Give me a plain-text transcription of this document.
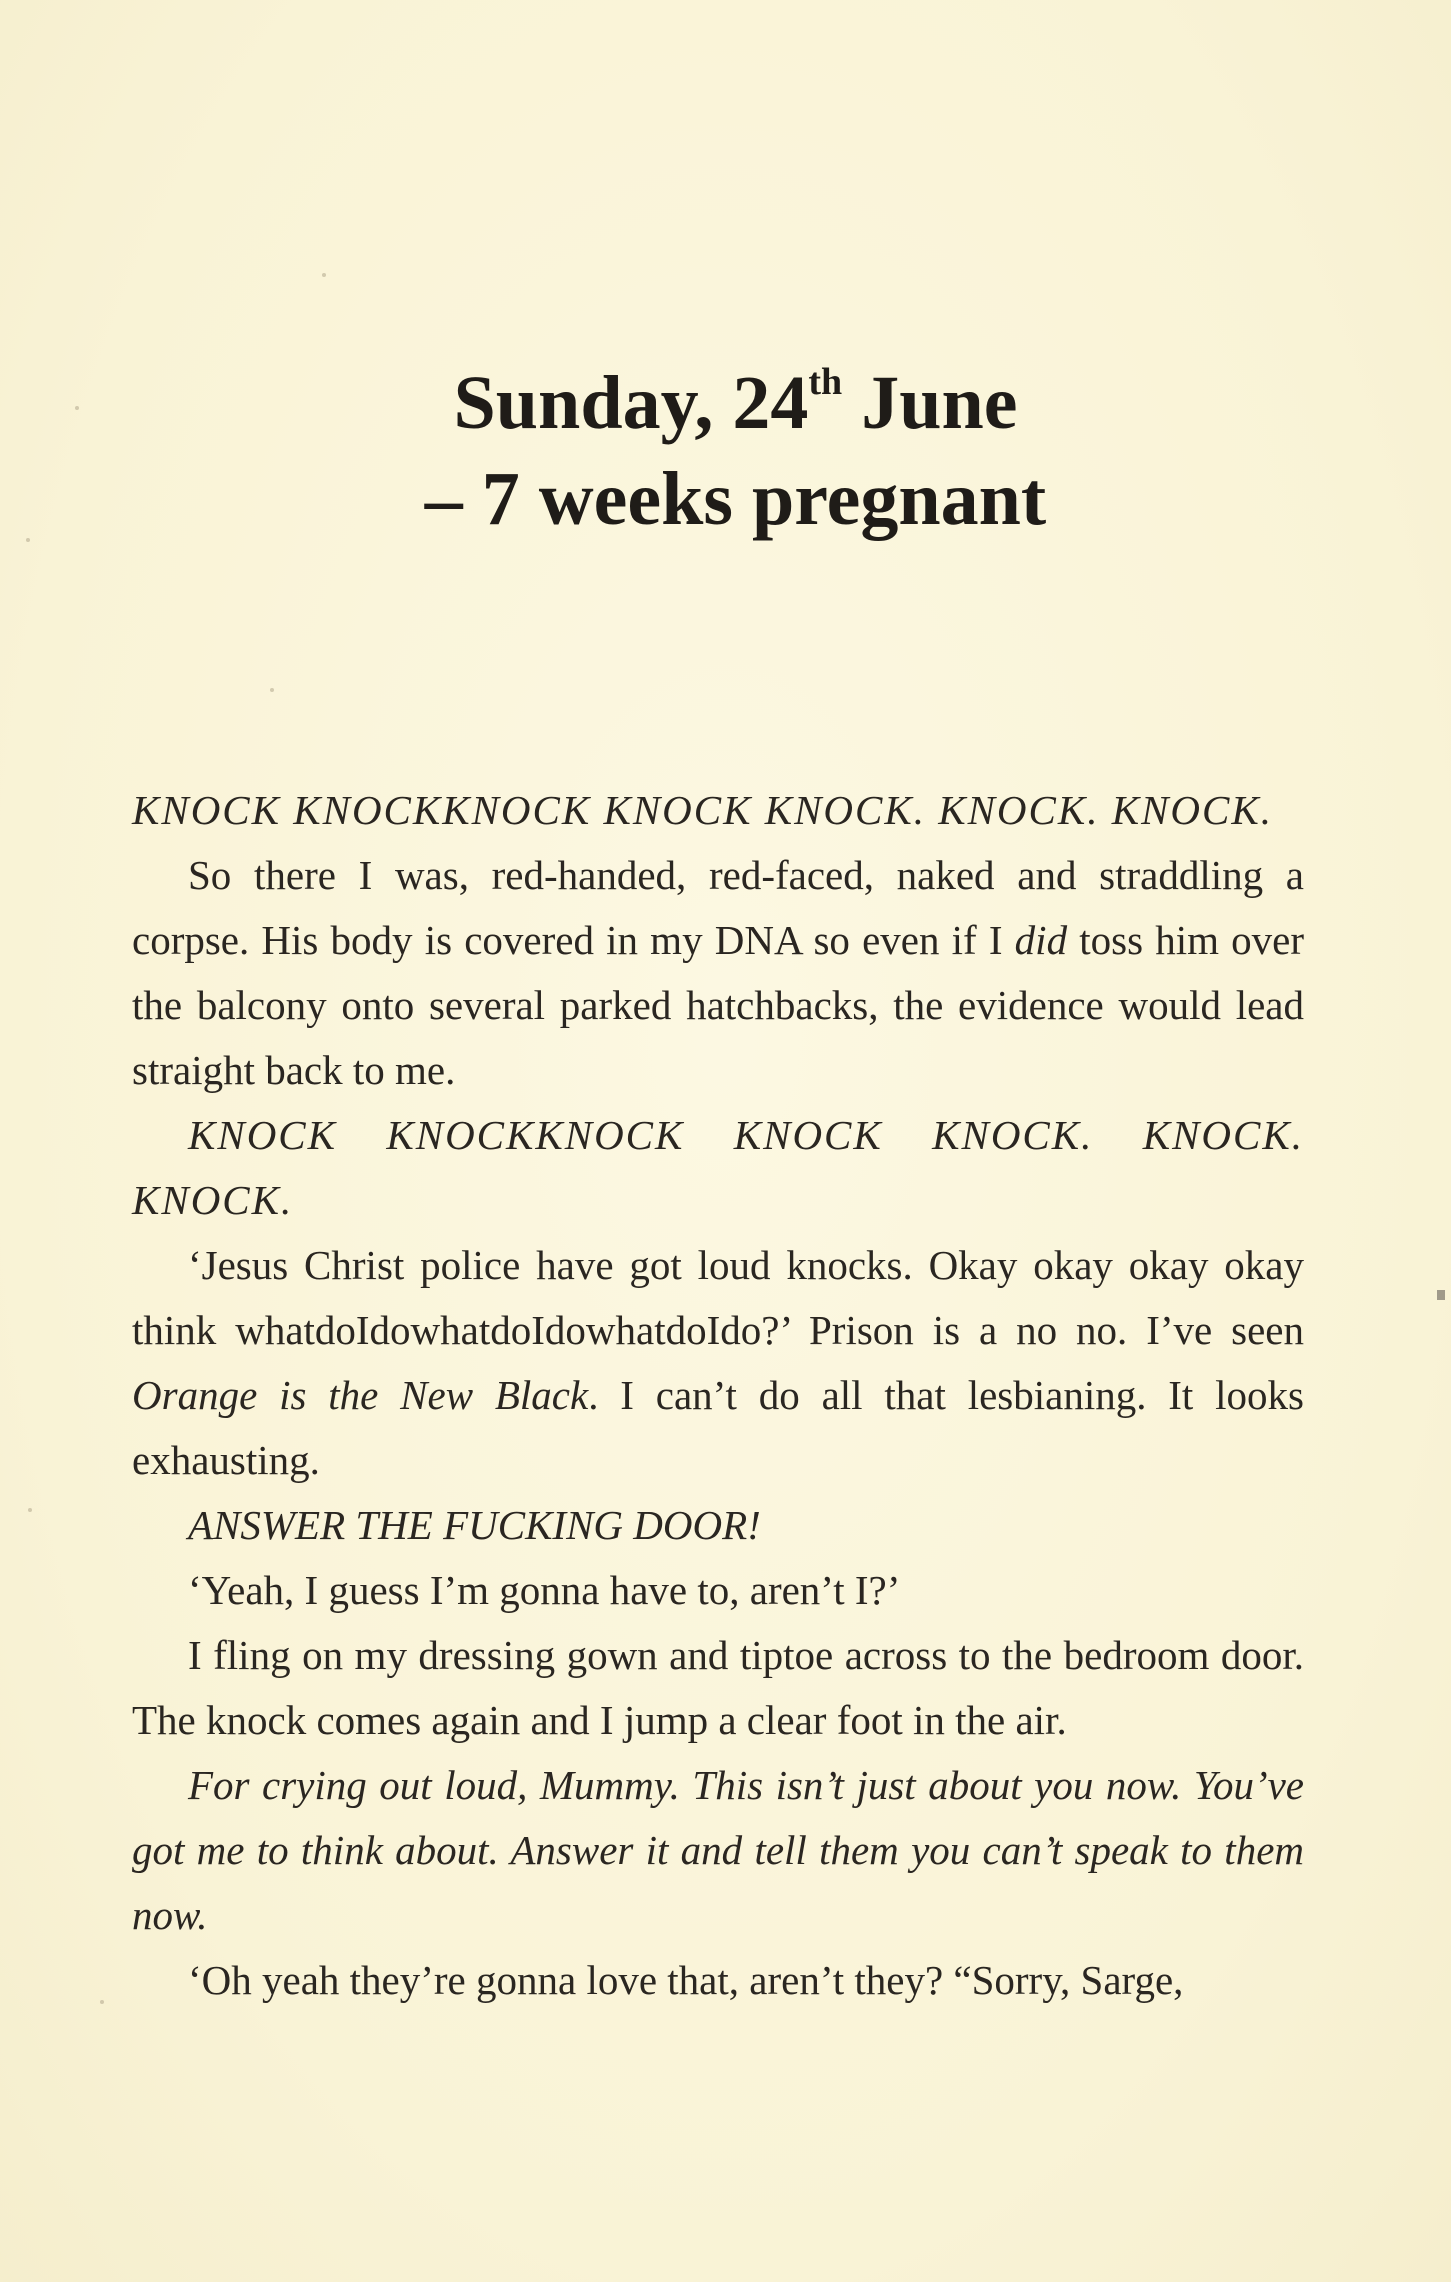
Sunday, 24th June
– 7 weeks pregnant

KNOCK KNOCKKNOCK KNOCK KNOCK. KNOCK. KNOCK.

So there I was, red-handed, red-faced, naked and straddling a corpse. His body is covered in my DNA so even if I did toss him over the balcony onto several parked hatchbacks, the evidence would lead straight back to me.

KNOCK KNOCKKNOCK KNOCK KNOCK. KNOCK. KNOCK.

‘Jesus Christ police have got loud knocks. Okay okay okay okay think whatdoIdowhatdoIdowhatdoIdo?’ Prison is a no no. I’ve seen Orange is the New Black. I can’t do all that lesbianing. It looks exhausting.

ANSWER THE FUCKING DOOR!

‘Yeah, I guess I’m gonna have to, aren’t I?’

I fling on my dressing gown and tiptoe across to the bedroom door. The knock comes again and I jump a clear foot in the air.

For crying out loud, Mummy. This isn’t just about you now. You’ve got me to think about. Answer it and tell them you can’t speak to them now.

‘Oh yeah they’re gonna love that, aren’t they? “Sorry, Sarge,
